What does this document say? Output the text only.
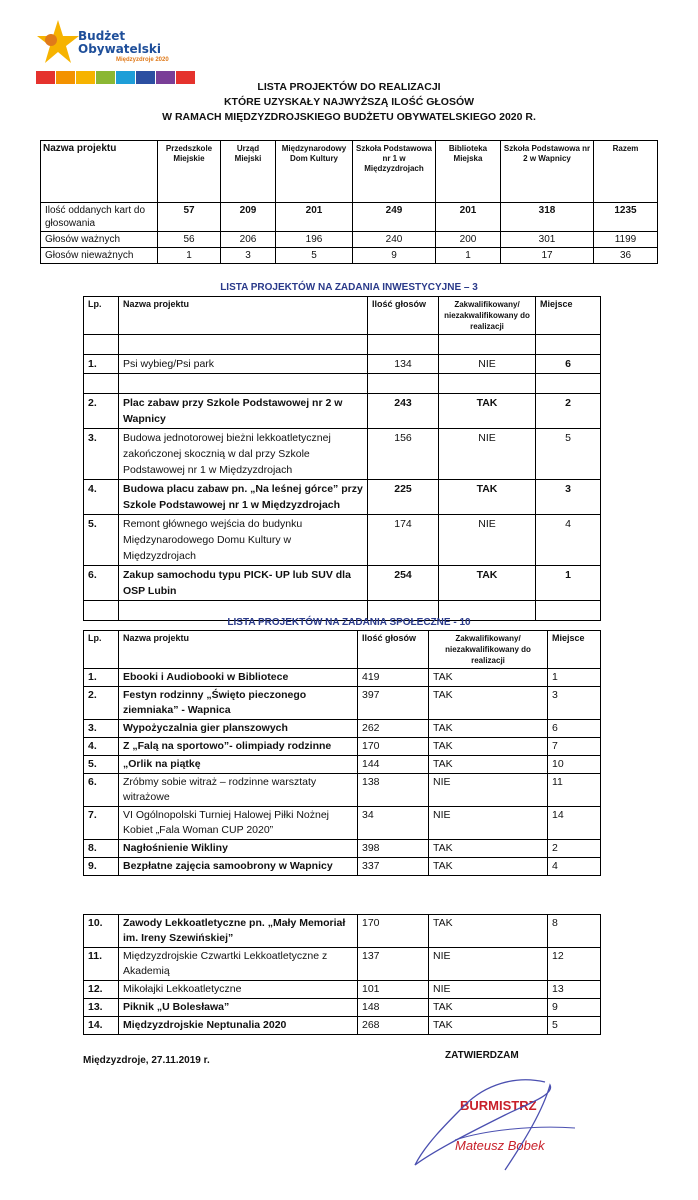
Budżet
Obywatelski
Międzyzdroje 2020
LISTA PROJEKTÓW DO REALIZACJI
KTÓRE UZYSKAŁY NAJWYŻSZĄ ILOŚĆ GŁOSÓW
W RAMACH MIĘDZYZDROJSKIEGO BUDŻETU OBYWATELSKIEGO 2020 R.
Nazwa projektu	Przedszkole Miejskie	Urząd Miejski	Międzynarodowy Dom Kultury	Szkoła Podstawowa nr 1 w Międzyzdrojach	Biblioteka Miejska	Szkoła Podstawowa nr 2 w Wapnicy	Razem
Ilość oddanych kart do głosowania	57	209	201	249	201	318	1235
Głosów ważnych	56	206	196	240	200	301	1199
Głosów nieważnych	1	3	5	9	1	17	36
LISTA PROJEKTÓW NA ZADANIA INWESTYCYJNE – 3
Lp.	Nazwa projektu	Ilość głosów	Zakwalifikowany/ niezakwalifikowany do realizacji	Miejsce

1.	Psi wybieg/Psi park	134	NIE	6

2.	Plac zabaw przy Szkole Podstawowej nr 2 w Wapnicy	243	TAK	2
3.	Budowa jednotorowej bieżni lekkoatletycznej zakończonej skocznią w dal przy Szkole Podstawowej nr 1 w Międzyzdrojach	156	NIE	5
4.	Budowa placu zabaw pn. „Na leśnej górce” przy Szkole Podstawowej nr 1 w Międzyzdrojach	225	TAK	3
5.	Remont głównego wejścia do budynku Międzynarodowego Domu Kultury w Międzyzdrojach	174	NIE	4
6.	Zakup samochodu typu PICK- UP lub SUV dla OSP Lubin	254	TAK	1

LISTA PROJEKTÓW NA ZADANIA SPOŁECZNE - 10
Lp.	Nazwa projektu	Ilość głosów	Zakwalifikowany/ niezakwalifikowany do realizacji	Miejsce
1.	Ebooki i Audiobooki w Bibliotece	419	TAK	1
2.	Festyn rodzinny „Święto pieczonego ziemniaka” - Wapnica	397	TAK	3
3.	Wypożyczalnia gier planszowych	262	TAK	6
4.	Z „Falą na sportowo”- olimpiady rodzinne	170	TAK	7
5.	„Orlik na piątkę	144	TAK	10
6.	Zróbmy sobie witraż – rodzinne warsztaty witrażowe	138	NIE	11
7.	VI Ogólnopolski Turniej Halowej Piłki Nożnej Kobiet „Fala Woman CUP 2020”	34	NIE	14
8.	Nagłośnienie Wikliny	398	TAK	2
9.	Bezpłatne zajęcia samoobrony w Wapnicy	337	TAK	4
10.	Zawody Lekkoatletyczne pn. „Mały Memoriał im. Ireny Szewińskiej”	170	TAK	8
11.	Międzyzdrojskie Czwartki Lekkoatletyczne z Akademią	137	NIE	12
12.	Mikołajki Lekkoatletyczne	101	NIE	13
13.	Piknik „U Bolesława”	148	TAK	9
14.	Międzyzdrojskie Neptunalia 2020	268	TAK	5
Międzyzdroje, 27.11.2019 r.	ZATWIERDZAM
BURMISTRZ
Mateusz Bobek
